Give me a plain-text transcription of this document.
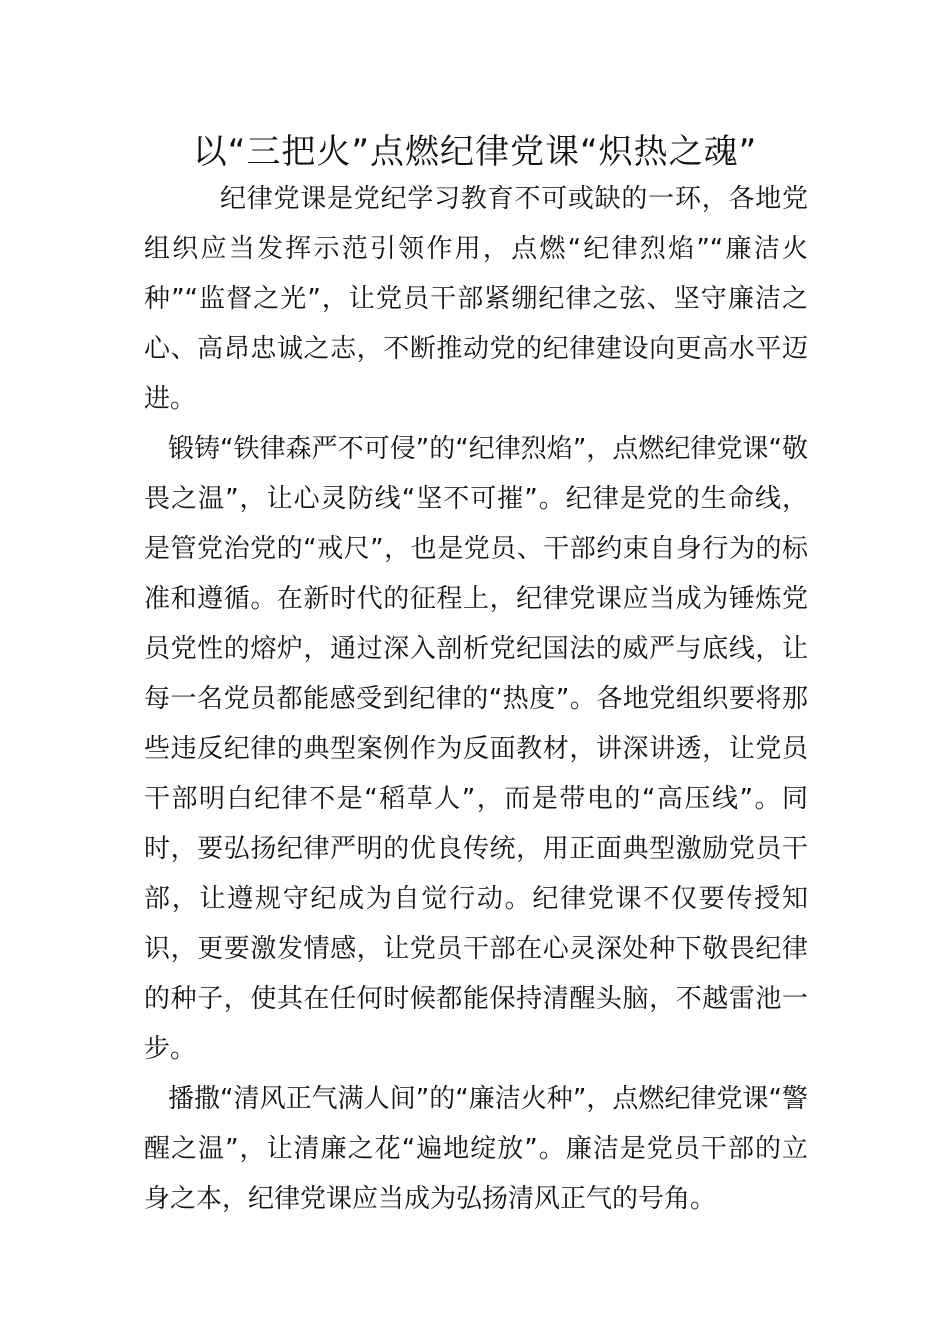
以“三把火”点燃纪律党课“炽热之魂”

纪律党课是党纪学习教育不可或缺的一环，各地党组织应当发挥示范引领作用，点燃“纪律烈焰”“廉洁火种”“监督之光”，让党员干部紧绷纪律之弦、坚守廉洁之心、高昂忠诚之志，不断推动党的纪律建设向更高水平迈进。

锻铸“铁律森严不可侵”的“纪律烈焰”，点燃纪律党课“敬畏之温”，让心灵防线“坚不可摧”。纪律是党的生命线，是管党治党的“戒尺”，也是党员、干部约束自身行为的标准和遵循。在新时代的征程上，纪律党课应当成为锤炼党员党性的熔炉，通过深入剖析党纪国法的威严与底线，让每一名党员都能感受到纪律的“热度”。各地党组织要将那些违反纪律的典型案例作为反面教材，讲深讲透，让党员干部明白纪律不是“稻草人”，而是带电的“高压线”。同时，要弘扬纪律严明的优良传统，用正面典型激励党员干部，让遵规守纪成为自觉行动。纪律党课不仅要传授知识，更要激发情感，让党员干部在心灵深处种下敬畏纪律的种子，使其在任何时候都能保持清醒头脑，不越雷池一步。

播撒“清风正气满人间”的“廉洁火种”，点燃纪律党课“警醒之温”，让清廉之花“遍地绽放”。廉洁是党员干部的立身之本，纪律党课应当成为弘扬清风正气的号角。
